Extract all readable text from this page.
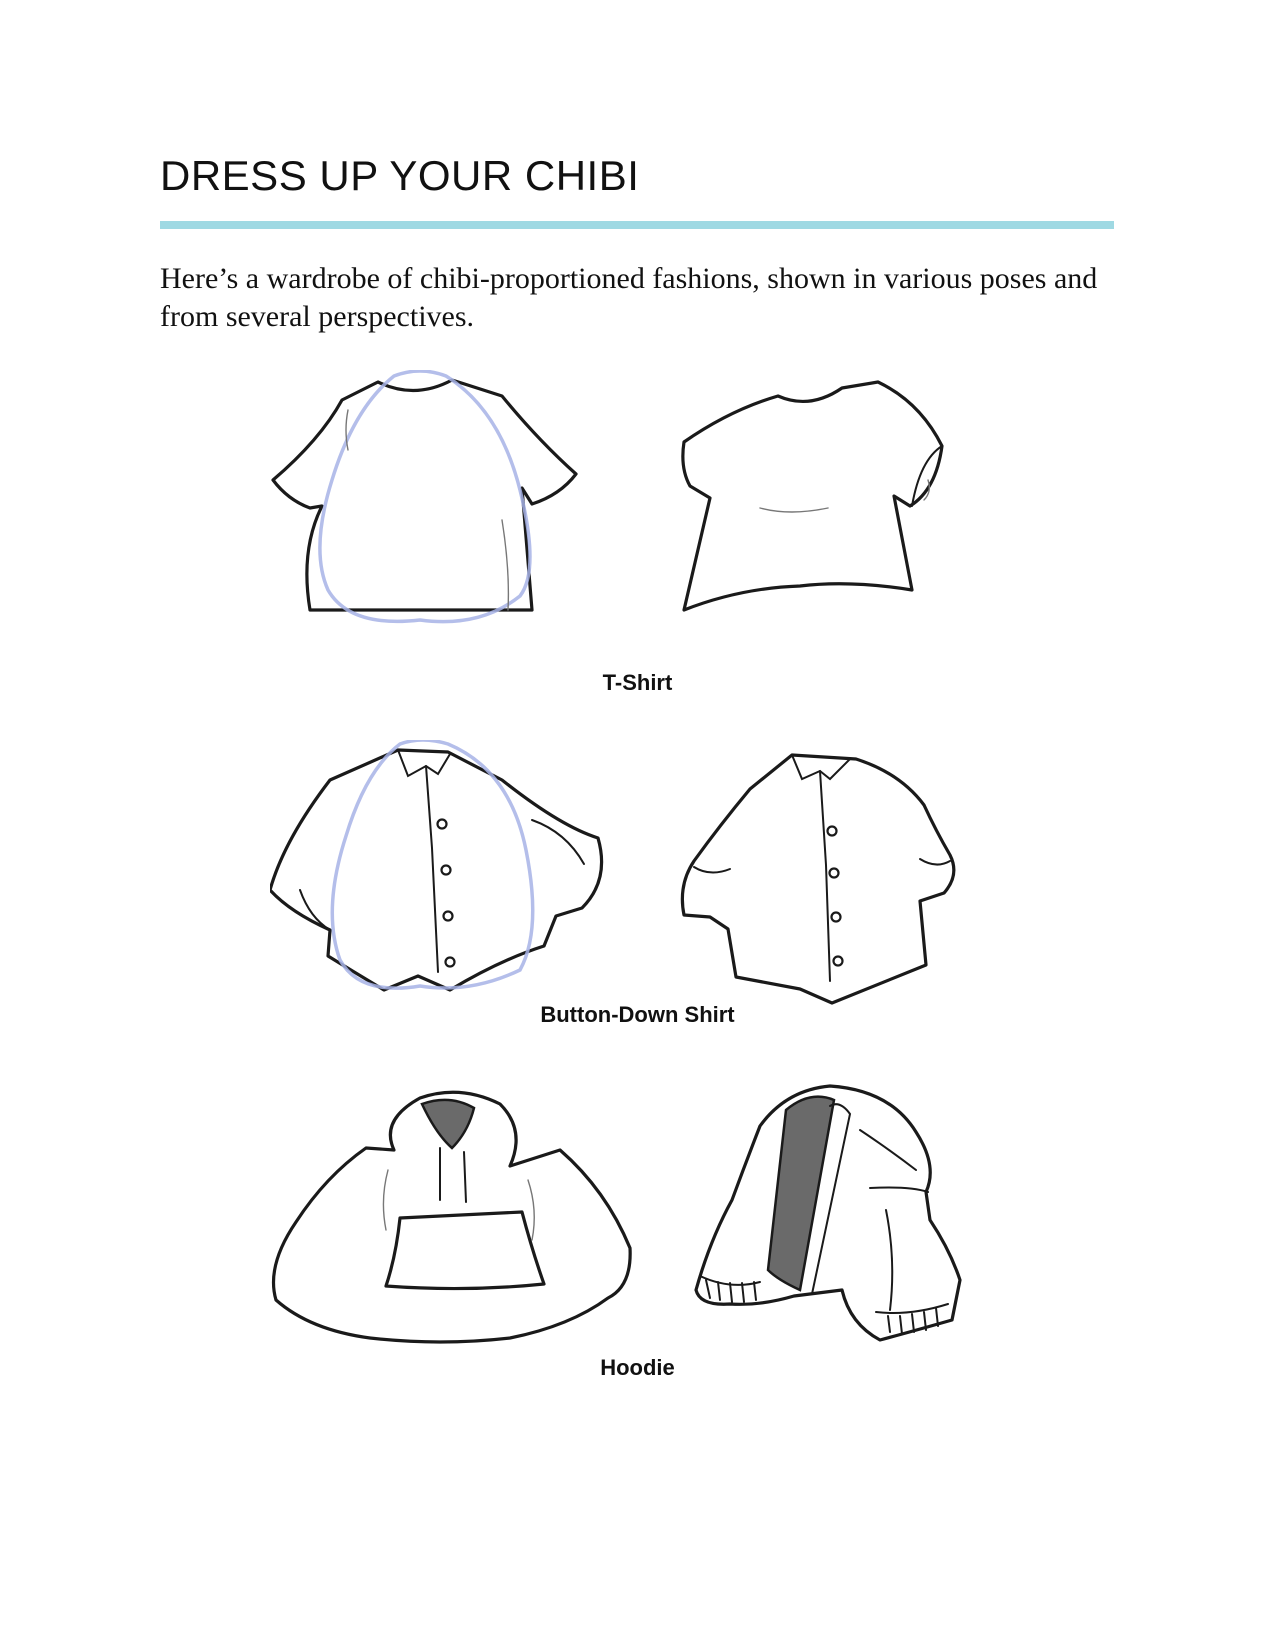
DRESS UP YOUR CHIBI

Here’s a wardrobe of chibi-proportioned fashions, shown in various poses and from several perspectives.

T-Shirt
Button-Down Shirt
Hoodie
